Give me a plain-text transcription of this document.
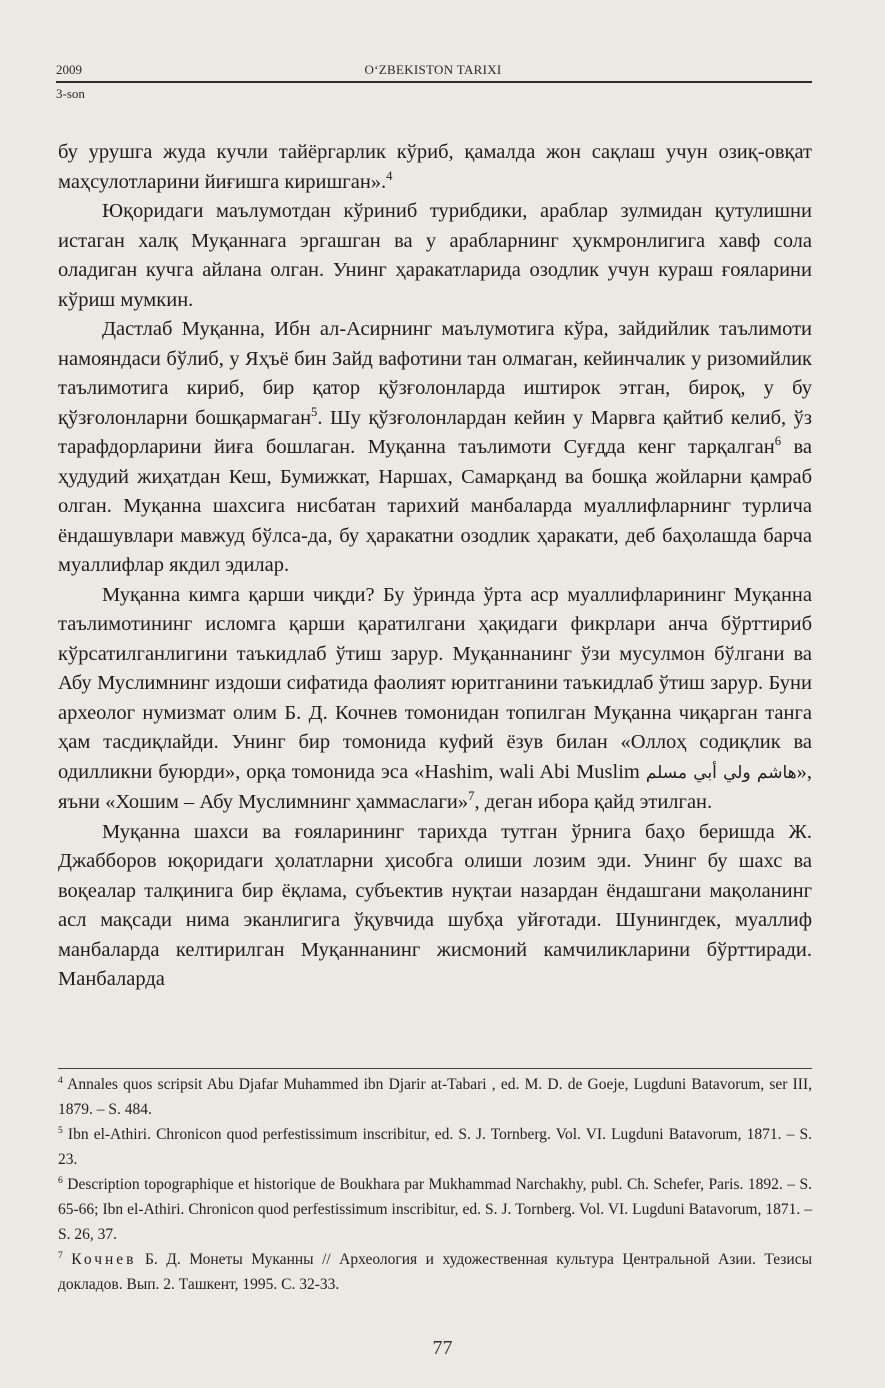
2009	O‘ZBEKISTON TARIXI
3-son

бу урушга жуда кучли тайёргарлик кўриб, қамалда жон сақлаш учун озиқ-овқат маҳсулотларини йиғишга киришган».$^4$

Юқоридаги маълумотдан кўриниб турибдики, араблар зулмидан қутулишни истаган халқ Муқаннага эргашган ва у арабларнинг ҳукмронлигига хавф сола оладиган кучга айлана олган. Унинг ҳаракатларида озодлик учун кураш ғояларини кўриш мумкин.

Дастлаб Муқанна, Ибн ал-Асирнинг маълумотига кўра, зайдийлик таълимоти намояндаси бўлиб, у Яҳъё бин Зайд вафотини тан олмаган, кейинчалик у ризомийлик таълимотига кириб, бир қатор қўзғолонларда иштирок этган, бироқ, у бу қўзғолонларни бошқармаган$^5$. Шу қўзғолонлардан кейин у Марвга қайтиб келиб, ўз тарафдорларини йиға бошлаган. Муқанна таълимоти Суғдда кенг тарқалган$^6$ ва ҳудудий жиҳатдан Кеш, Бумижкат, Наршах, Самарқанд ва бошқа жойларни қамраб олган. Муқанна шахсига нисбатан тарихий манбаларда муаллифларнинг турлича ёндашувлари мавжуд бўлса-да, бу ҳаракатни озодлик ҳаракати, деб баҳолашда барча муаллифлар якдил эдилар.

Муқанна кимга қарши чиқди? Бу ўринда ўрта аср муаллифларининг Муқанна таълимотининг исломга қарши қаратилгани ҳақидаги фикрлари анча бўрттириб кўрсатилганлигини таъкидлаб ўтиш зарур. Муқаннанинг ўзи мусулмон бўлгани ва Абу Муслимнинг издоши сифатида фаолият юритганини таъкидлаб ўтиш зарур. Буни археолог нумизмат олим Б. Д. Кочнев томонидан топилган Муқанна чиқарган танга ҳам тасдиқлайди. Унинг бир томонида куфий ёзув билан «Оллоҳ содиқлик ва одилликни буюрди», орқа томонида эса «Hashim, wali Abi Muslim هاشم ولي أبي مسلم», яъни «Хошим – Абу Муслимнинг ҳаммаслаги»$^7$, деган ибора қайд этилган.

Муқанна шахси ва ғояларининг тарихда тутган ўрнига баҳо беришда Ж. Джабборов юқоридаги ҳолатларни ҳисобга олиши лозим эди. Унинг бу шахс ва воқеалар талқинига бир ёқлама, субъектив нуқтаи назардан ёндашгани мақоланинг асл мақсади нима эканлигига ўқувчида шубҳа уйғотади. Шунингдек, муаллиф манбаларда келтирилган Муқаннанинг жисмоний камчиликларини бўрттиради. Манбаларда

$^4$ Annales quos scripsit Abu Djafar Muhammed ibn Djarir at-Tabari , ed. M. D. de Goeje, Lugduni Batavorum, ser III, 1879. – S. 484.

$^5$ Ibn el-Athiri. Chronicon quod perfestissimum inscribitur, ed. S. J. Tornberg. Vol. VI. Lugduni Batavorum, 1871. – S. 23.

$^6$ Description topographique et historique de Boukhara par Mukhammad Narchakhy, publ. Ch. Schefer, Paris. 1892. – S. 65-66; Ibn el-Athiri. Chronicon quod perfestissimum inscribitur, ed. S. J. Tornberg. Vol. VI. Lugduni Batavorum, 1871. – S. 26, 37.

$^7$ Кочнев Б. Д. Монеты Муканны // Археология и художественная культура Центральной Азии. Тезисы докладов. Вып. 2. Ташкент, 1995. С. 32-33.

77
